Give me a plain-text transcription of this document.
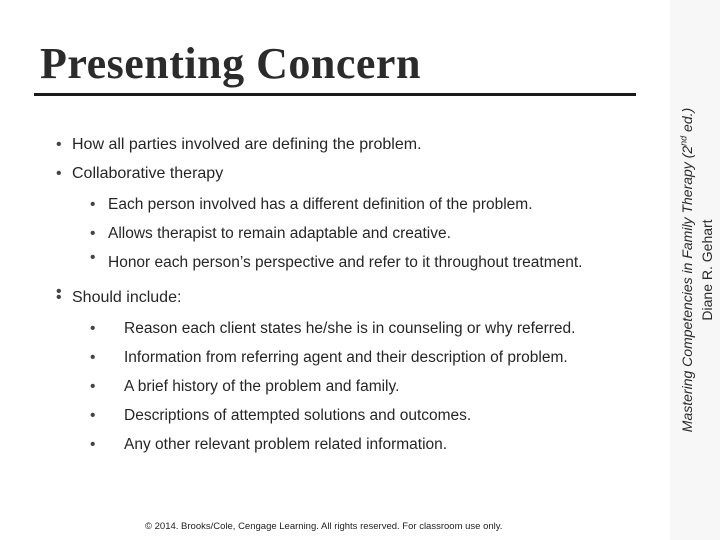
Presenting Concern
• How all parties involved are defining the problem.
• Collaborative therapy
• Each person involved has a different definition of the problem.
• Allows therapist to remain adaptable and creative.
• Honor each person’s perspective and refer to it throughout treatment.
•
• Should include:
• Reason each client states he/she is in counseling or why referred.
• Information from referring agent and their description of problem.
• A brief history of the problem and family.
• Descriptions of attempted solutions and outcomes.
• Any other relevant problem related information.
© 2014. Brooks/Cole, Cengage Learning. All rights reserved. For classroom use only.
Mastering Competencies in Family Therapy (2nd ed.)
Diane R. Gehart
